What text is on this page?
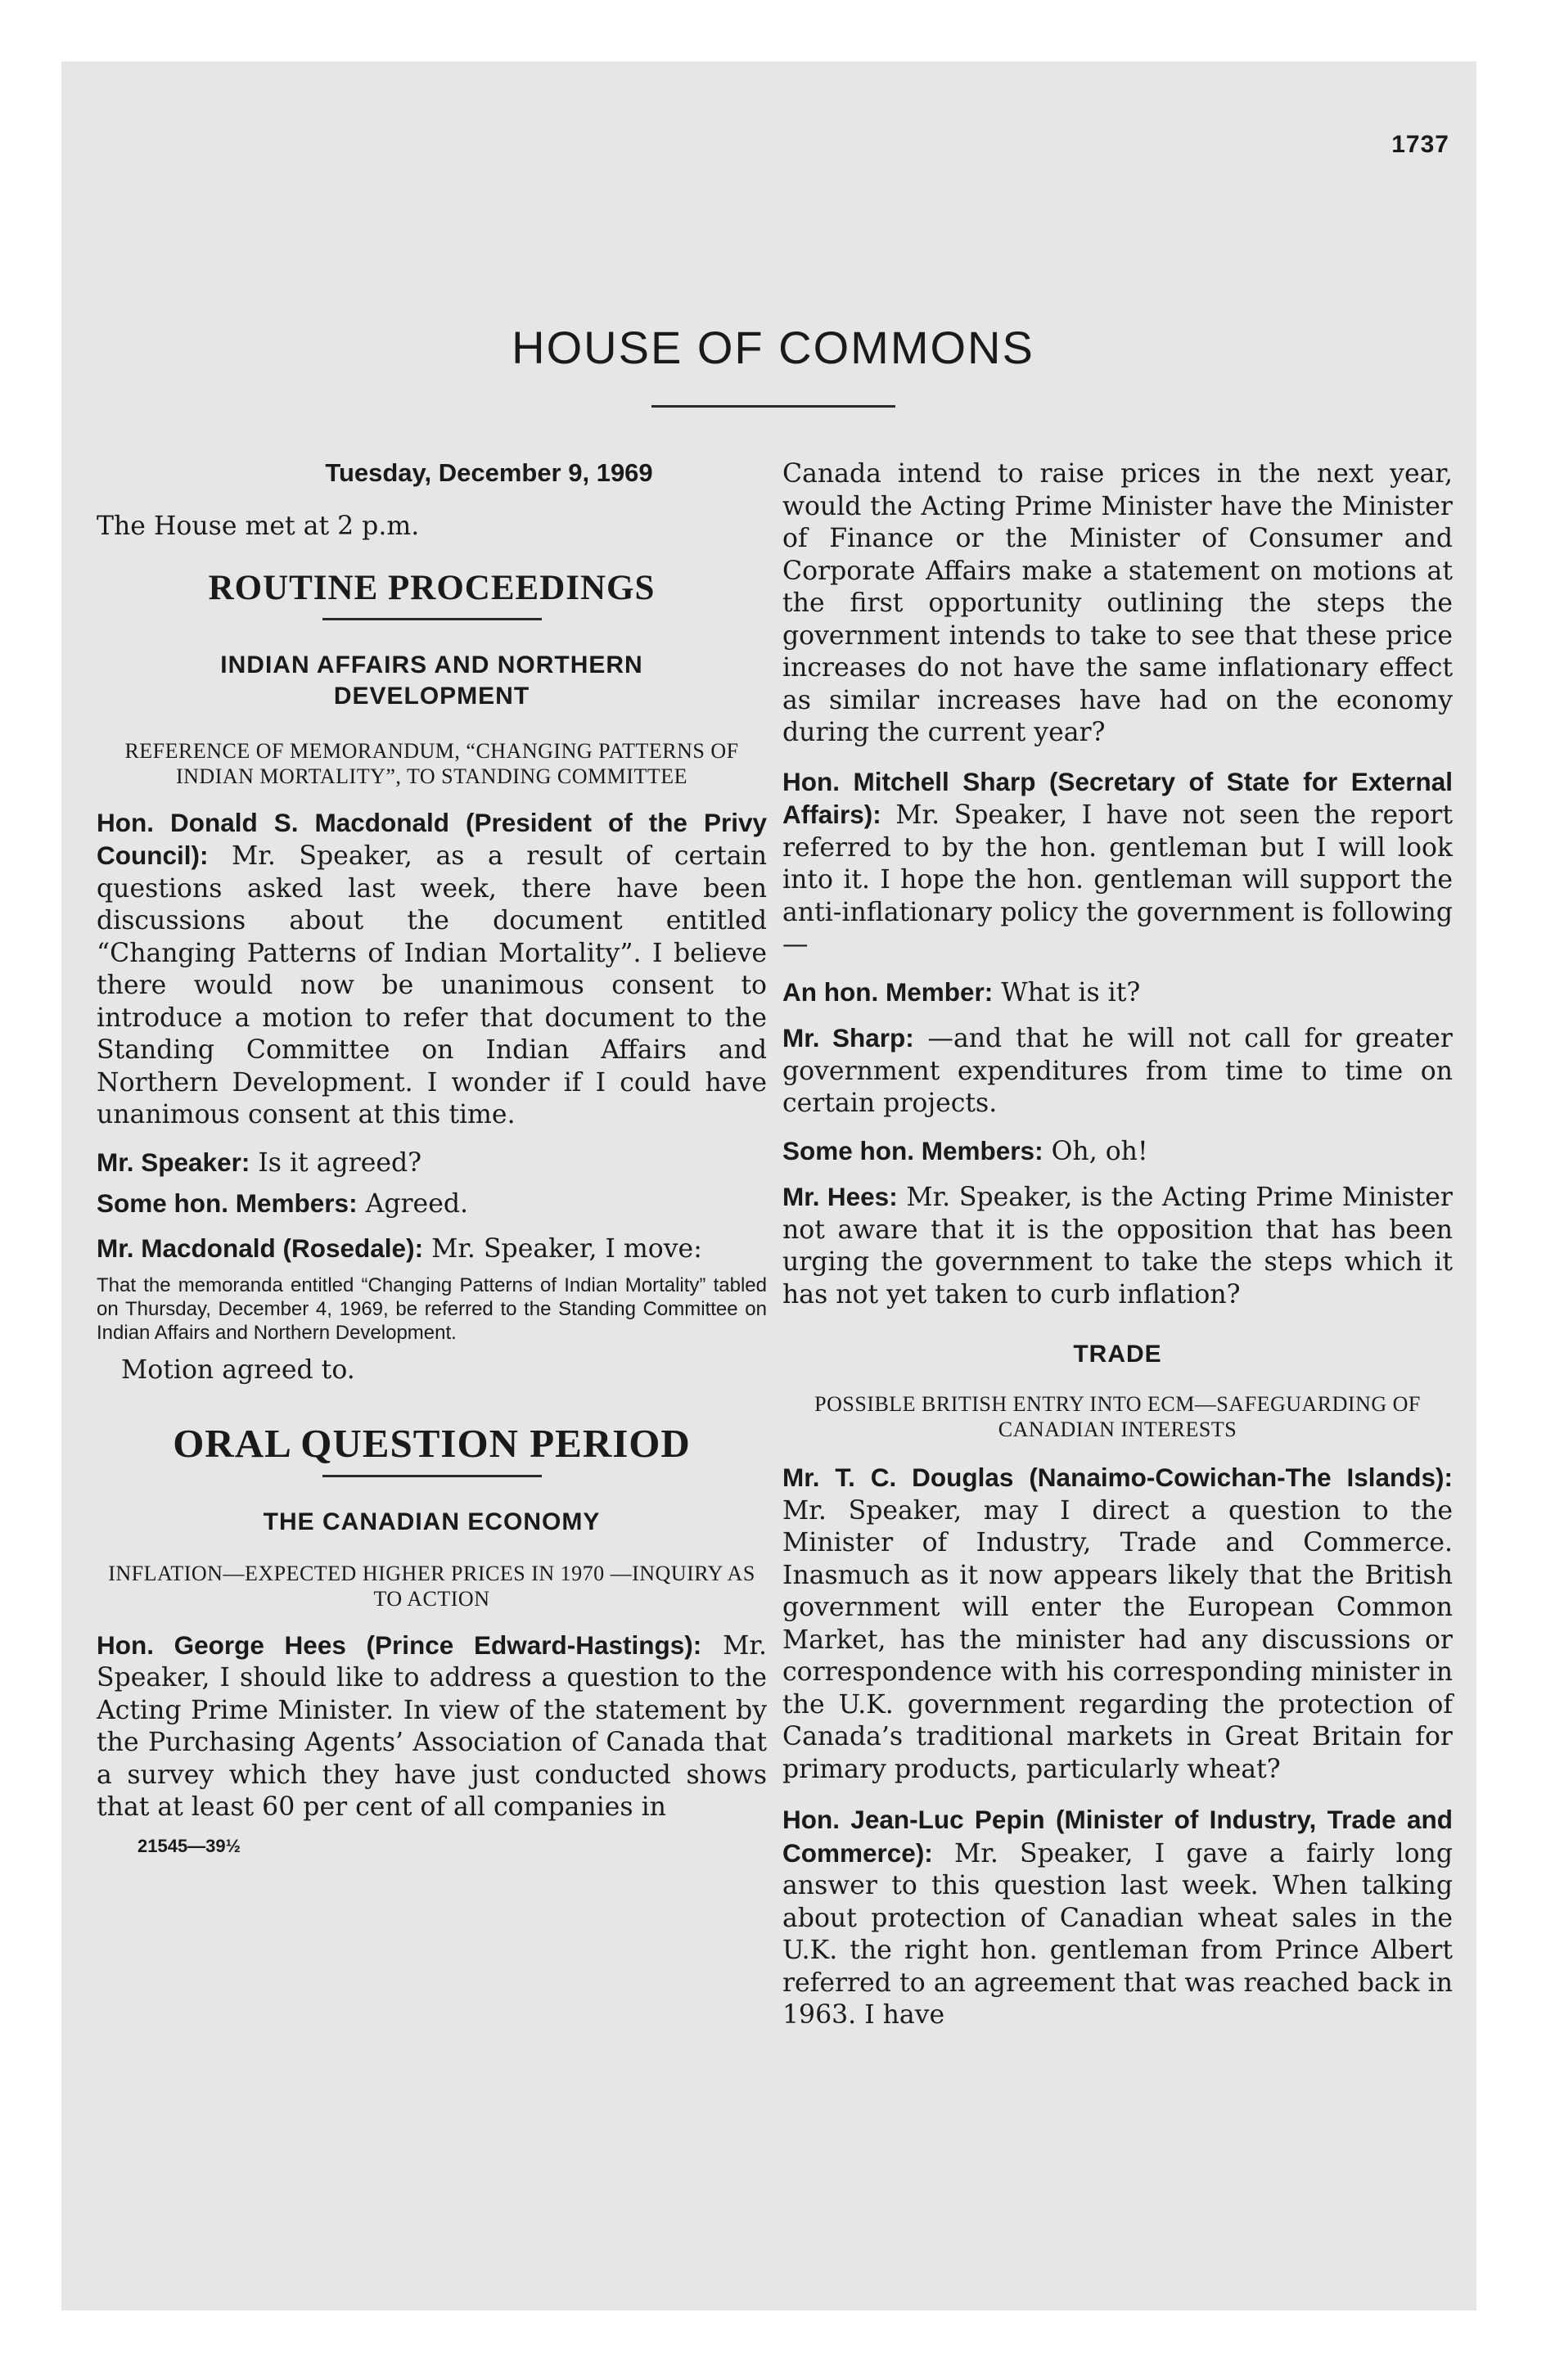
1737
HOUSE OF COMMONS

Tuesday, December 9, 1969

The House met at 2 p.m.

ROUTINE PROCEEDINGS

INDIAN AFFAIRS AND NORTHERN DEVELOPMENT

REFERENCE OF MEMORANDUM, “CHANGING PATTERNS OF INDIAN MORTALITY”, TO STANDING COMMITTEE

Hon. Donald S. Macdonald (President of the Privy Council): Mr. Speaker, as a result of certain questions asked last week, there have been discussions about the document entitled “Changing Patterns of Indian Mortality”. I believe there would now be unanimous consent to introduce a motion to refer that document to the Standing Committee on Indian Affairs and Northern Development. I wonder if I could have unanimous consent at this time.

Mr. Speaker: Is it agreed?

Some hon. Members: Agreed.

Mr. Macdonald (Rosedale): Mr. Speaker, I move:

That the memoranda entitled “Changing Patterns of Indian Mortality” tabled on Thursday, December 4, 1969, be referred to the Standing Committee on Indian Affairs and Northern Development.

Motion agreed to.

ORAL QUESTION PERIOD

THE CANADIAN ECONOMY

INFLATION—EXPECTED HIGHER PRICES IN 1970 —INQUIRY AS TO ACTION

Hon. George Hees (Prince Edward-Hastings): Mr. Speaker, I should like to address a question to the Acting Prime Minister. In view of the statement by the Purchasing Agents’ Association of Canada that a survey which they have just conducted shows that at least 60 per cent of all companies in

21545—39½

Canada intend to raise prices in the next year, would the Acting Prime Minister have the Minister of Finance or the Minister of Consumer and Corporate Affairs make a statement on motions at the first opportunity outlining the steps the government intends to take to see that these price increases do not have the same inflationary effect as similar increases have had on the economy during the current year?

Hon. Mitchell Sharp (Secretary of State for External Affairs): Mr. Speaker, I have not seen the report referred to by the hon. gentleman but I will look into it. I hope the hon. gentleman will support the anti-inflationary policy the government is following—

An hon. Member: What is it?

Mr. Sharp: —and that he will not call for greater government expenditures from time to time on certain projects.

Some hon. Members: Oh, oh!

Mr. Hees: Mr. Speaker, is the Acting Prime Minister not aware that it is the opposition that has been urging the government to take the steps which it has not yet taken to curb inflation?

TRADE

POSSIBLE BRITISH ENTRY INTO ECM—SAFEGUARDING OF CANADIAN INTERESTS

Mr. T. C. Douglas (Nanaimo-Cowichan-The Islands): Mr. Speaker, may I direct a question to the Minister of Industry, Trade and Commerce. Inasmuch as it now appears likely that the British government will enter the European Common Market, has the minister had any discussions or correspondence with his corresponding minister in the U.K. government regarding the protection of Canada’s traditional markets in Great Britain for primary products, particularly wheat?

Hon. Jean-Luc Pepin (Minister of Industry, Trade and Commerce): Mr. Speaker, I gave a fairly long answer to this question last week. When talking about protection of Canadian wheat sales in the U.K. the right hon. gentleman from Prince Albert referred to an agreement that was reached back in 1963. I have
